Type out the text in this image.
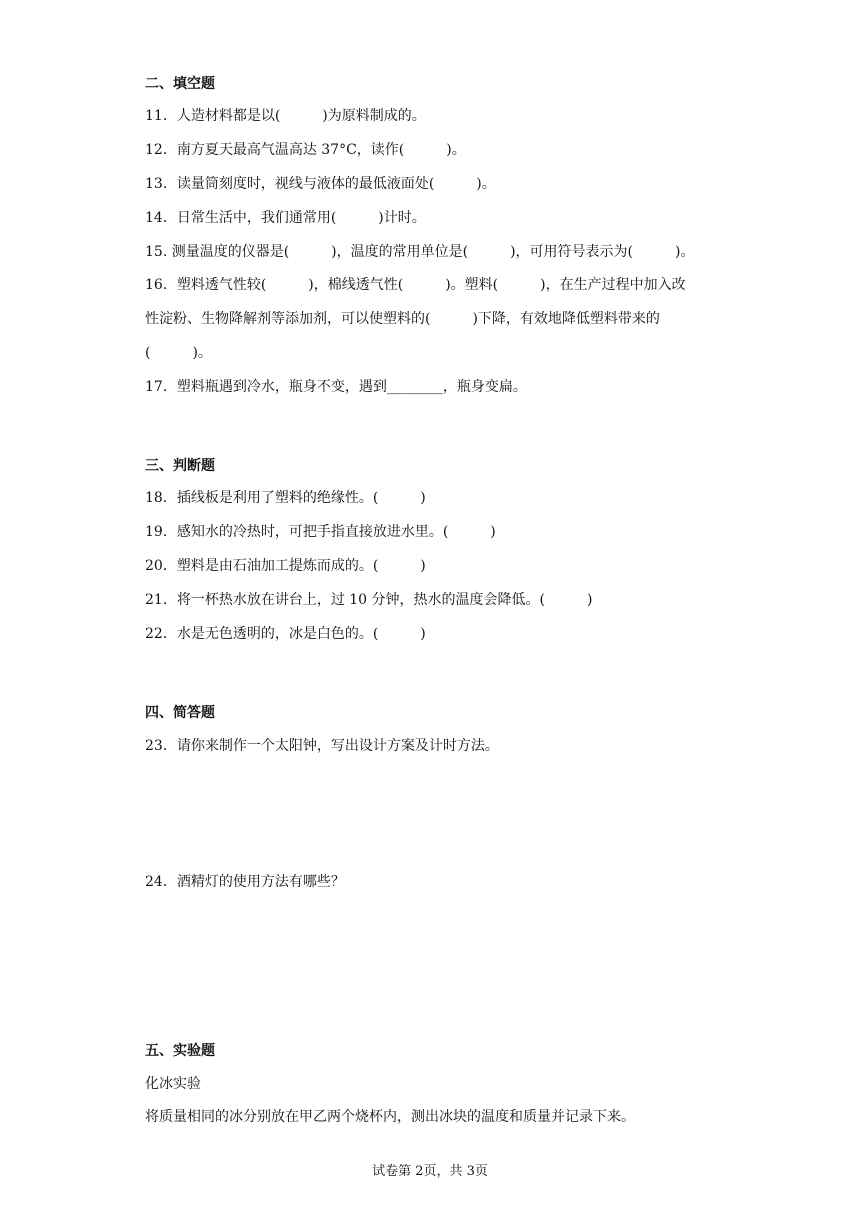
二、填空题
11．人造材料都是以(　　　)为原料制成的。
12．南方夏天最高气温高达 37°C，读作(　　　)。
13．读量筒刻度时，视线与液体的最低液面处(　　　)。
14．日常生活中，我们通常用(　　　)计时。
15. 测量温度的仪器是(　　　)，温度的常用单位是(　　　)，可用符号表示为(　　　)。
16．塑料透气性较(　　　)，棉线透气性(　　　)。塑料(　　　)，在生产过程中加入改
性淀粉、生物降解剂等添加剂，可以使塑料的(　　　)下降，有效地降低塑料带来的
(　　　)。
17．塑料瓶遇到冷水，瓶身不变，遇到________，瓶身变扁。
三、判断题
18．插线板是利用了塑料的绝缘性。(　　　)
19．感知水的冷热时，可把手指直接放进水里。(　　　)
20．塑料是由石油加工提炼而成的。(　　　)
21．将一杯热水放在讲台上，过 10 分钟，热水的温度会降低。(　　　)
22．水是无色透明的，冰是白色的。(　　　)
四、简答题
23．请你来制作一个太阳钟，写出设计方案及计时方法。
24．酒精灯的使用方法有哪些？
五、实验题
化冰实验
将质量相同的冰分别放在甲乙两个烧杯内，测出冰块的温度和质量并记录下来。
试卷第 2页，共 3页
